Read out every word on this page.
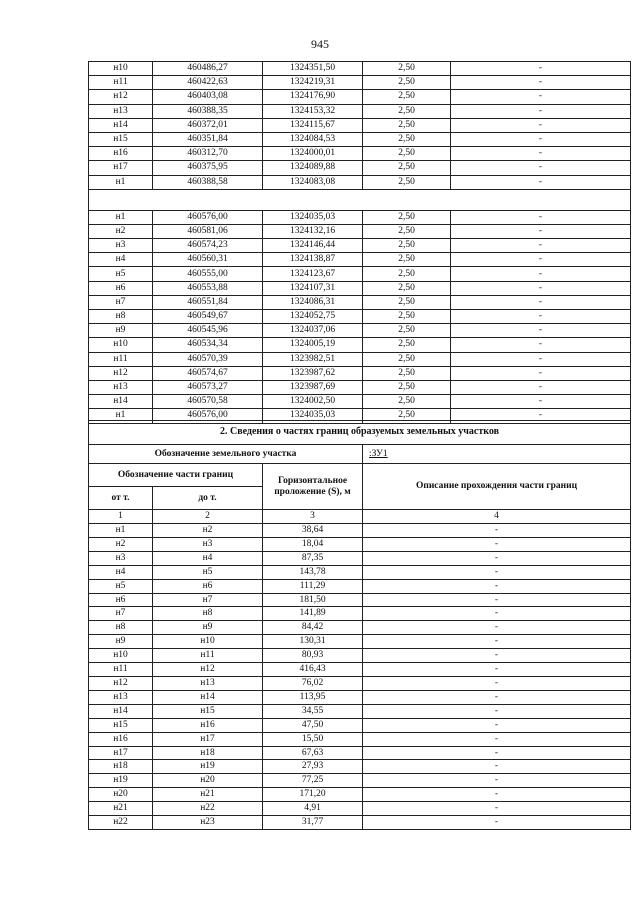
945
н10	460486,27	1324351,50	2,50	-
н11	460422,63	1324219,31	2,50	-
н12	460403,08	1324176,90	2,50	-
н13	460388,35	1324153,32	2,50	-
н14	460372,01	1324115,67	2,50	-
н15	460351,84	1324084,53	2,50	-
н16	460312,70	1324000,01	2,50	-
н17	460375,95	1324089,88	2,50	-
н1	460388,58	1324083,08	2,50	-

н1	460576,00	1324035,03	2,50	-
н2	460581,06	1324132,16	2,50	-
н3	460574,23	1324146,44	2,50	-
н4	460560,31	1324138,87	2,50	-
н5	460555,00	1324123,67	2,50	-
н6	460553,88	1324107,31	2,50	-
н7	460551,84	1324086,31	2,50	-
н8	460549,67	1324052,75	2,50	-
н9	460545,96	1324037,06	2,50	-
н10	460534,34	1324005,19	2,50	-
н11	460570,39	1323982,51	2,50	-
н12	460574,67	1323987,62	2,50	-
н13	460573,27	1323987,69	2,50	-
н14	460570,58	1324002,50	2,50	-
н1	460576,00	1324035,03	2,50	-
2. Сведения о частях границ образуемых земельных участков			
Обозначение земельного участка			:ЗУ1
Обозначение части границ		Горизонтальное проложение (S), м	Описание прохождения части границ
от т.	до т.		
1	2	3	4
н1	н2	38,64	-
н2	н3	18,04	-
н3	н4	87,35	-
н4	н5	143,78	-
н5	н6	111,29	-
н6	н7	181,50	-
н7	н8	141,89	-
н8	н9	84,42	-
н9	н10	130,31	-
н10	н11	80,93	-
н11	н12	416,43	-
н12	н13	76,02	-
н13	н14	113,95	-
н14	н15	34,55	-
н15	н16	47,50	-
н16	н17	15,50	-
н17	н18	67,63	-
н18	н19	27,93	-
н19	н20	77,25	-
н20	н21	171,20	-
н21	н22	4,91	-
н22	н23	31,77	-
